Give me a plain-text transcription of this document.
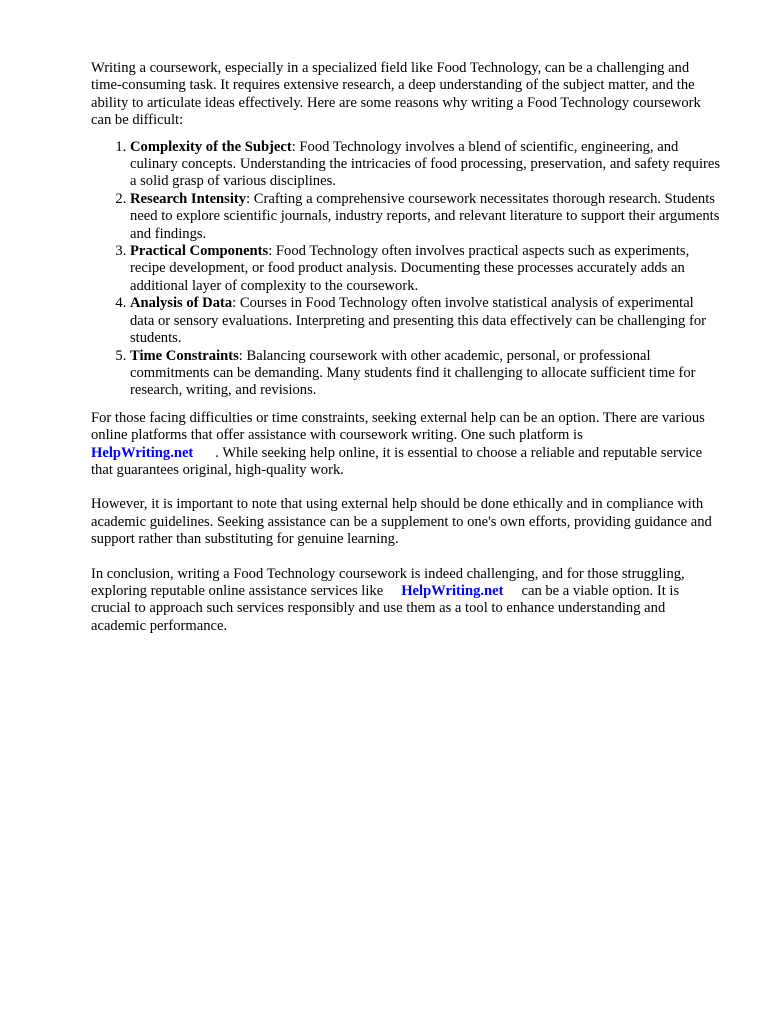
Writing a coursework, especially in a specialized field like Food Technology, can be a challenging and time-consuming task. It requires extensive research, a deep understanding of the subject matter, and the ability to articulate ideas effectively. Here are some reasons why writing a Food Technology coursework can be difficult:

1. Complexity of the Subject: Food Technology involves a blend of scientific, engineering, and culinary concepts. Understanding the intricacies of food processing, preservation, and safety requires a solid grasp of various disciplines.
2. Research Intensity: Crafting a comprehensive coursework necessitates thorough research. Students need to explore scientific journals, industry reports, and relevant literature to support their arguments and findings.
3. Practical Components: Food Technology often involves practical aspects such as experiments, recipe development, or food product analysis. Documenting these processes accurately adds an additional layer of complexity to the coursework.
4. Analysis of Data: Courses in Food Technology often involve statistical analysis of experimental data or sensory evaluations. Interpreting and presenting this data effectively can be challenging for students.
5. Time Constraints: Balancing coursework with other academic, personal, or professional commitments can be demanding. Many students find it challenging to allocate sufficient time for research, writing, and revisions.

For those facing difficulties or time constraints, seeking external help can be an option. There are various online platforms that offer assistance with coursework writing. One such platform is
HelpWriting.net . While seeking help online, it is essential to choose a reliable and reputable service that guarantees original, high-quality work.

However, it is important to note that using external help should be done ethically and in compliance with academic guidelines. Seeking assistance can be a supplement to one's own efforts, providing guidance and support rather than substituting for genuine learning.

In conclusion, writing a Food Technology coursework is indeed challenging, and for those struggling, exploring reputable online assistance services like HelpWriting.net can be a viable option. It is crucial to approach such services responsibly and use them as a tool to enhance understanding and academic performance.
